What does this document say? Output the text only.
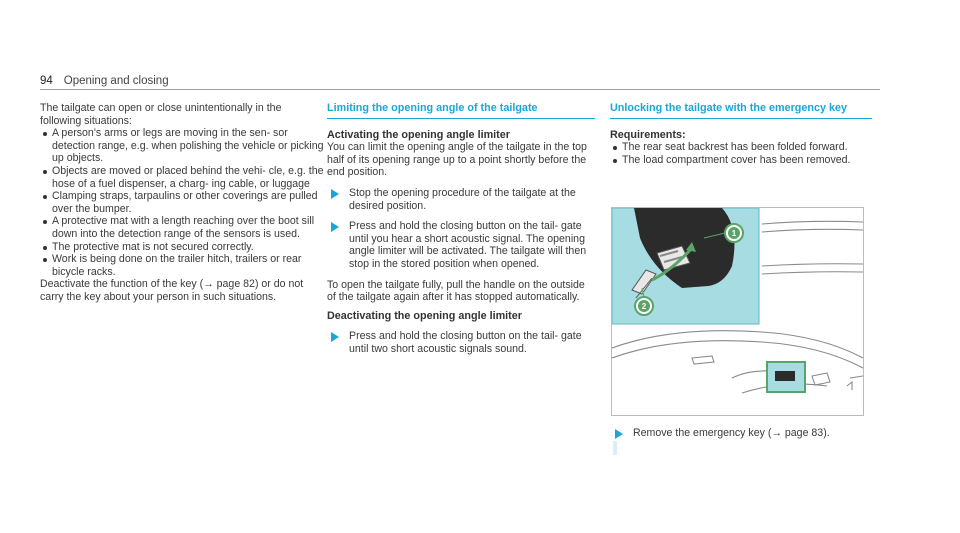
94 Opening and closing

The tailgate can open or close unintentionally in the following situations:

A person's arms or legs are moving in the sen- sor detection range, e.g. when polishing the vehicle or picking up objects.
Objects are moved or placed behind the vehi- cle, e.g. the hose of a fuel dispenser, a charg- ing cable, or luggage
Clamping straps, tarpaulins or other coverings are pulled over the bumper.
A protective mat with a length reaching over the boot sill down into the detection range of the sensors is used.
The protective mat is not secured correctly.
Work is being done on the trailer hitch, trailers or rear bicycle racks.

Deactivate the function of the key (→ page 82) or do not carry the key about your person in such situations.

Limiting the opening angle of the tailgate
Activating the opening angle limiter

You can limit the opening angle of the tailgate in the top half of its opening range up to a point shortly before the end position.

Stop the opening procedure of the tailgate at the desired position.
Press and hold the closing button on the tail- gate until you hear a short acoustic signal. The opening angle limiter will be activated. The tailgate will then stop in the stored position when opened.

To open the tailgate fully, pull the handle on the outside of the tailgate again after it has stopped automatically.

Deactivating the opening angle limiter
Press and hold the closing button on the tail- gate until two short acoustic signals sound.
Unlocking the tailgate with the emergency key
Requirements:
The rear seat backrest has been folded forward.
The load compartment cover has been removed.
1
2
Remove the emergency key (→ page 83).
